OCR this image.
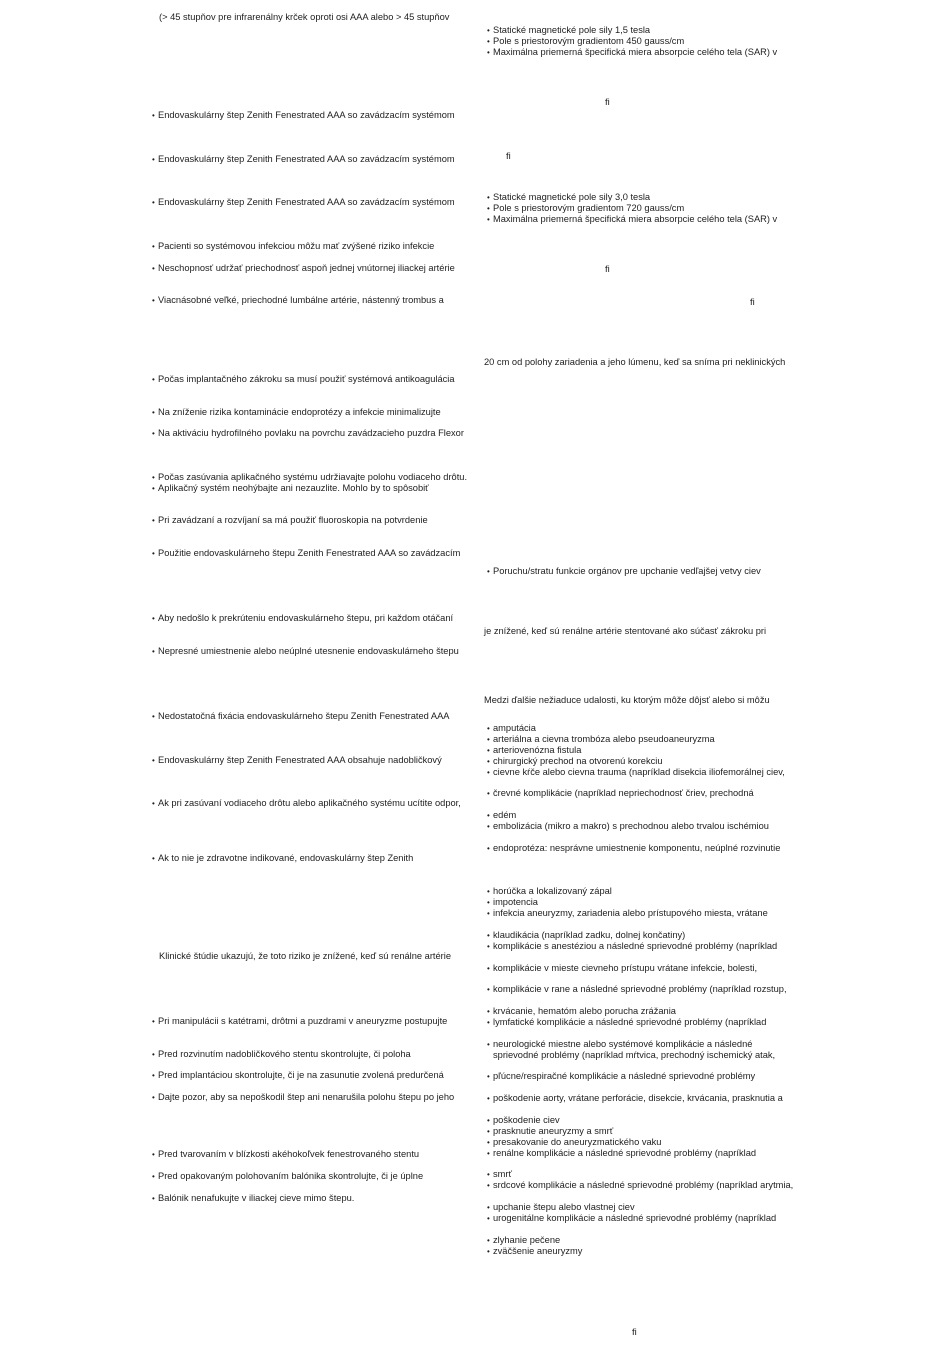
(> 45 stupňov pre infrarenálny krček oproti osi AAA alebo > 45 stupňov
• Endovaskulárny štep Zenith Fenestrated AAA so zavádzacím systémom
• Endovaskulárny štep Zenith Fenestrated AAA so zavádzacím systémom
• Endovaskulárny štep Zenith Fenestrated AAA so zavádzacím systémom
• Pacienti so systémovou infekciou môžu mať zvýšené riziko infekcie
• Neschopnosť udržať priechodnosť aspoň jednej vnútornej iliackej artérie
• Viacnásobné veľké, priechodné lumbálne artérie, nástenný trombus a
• Počas implantačného zákroku sa musí použiť systémová antikoagulácia
• Na zníženie rizika kontaminácie endoprotézy a infekcie minimalizujte
• Na aktiváciu hydrofilného povlaku na povrchu zavádzacieho puzdra Flexor
• Počas zasúvania aplikačného systému udržiavajte polohu vodiaceho drôtu.
• Aplikačný systém neohýbajte ani nezauzlite. Mohlo by to spôsobiť
• Pri zavádzaní a rozvíjaní sa má použiť fluoroskopia na potvrdenie
• Použitie endovaskulárneho štepu Zenith Fenestrated AAA so zavádzacím
• Aby nedošlo k prekrúteniu endovaskulárneho štepu, pri každom otáčaní
• Nepresné umiestnenie alebo neúplné utesnenie endovaskulárneho štepu
• Nedostatočná fixácia endovaskulárneho štepu Zenith Fenestrated AAA
• Endovaskulárny štep Zenith Fenestrated AAA obsahuje nadobličkový
• Ak pri zasúvaní vodiaceho drôtu alebo aplikačného systému ucítite odpor,
• Ak to nie je zdravotne indikované, endovaskulárny štep Zenith
Klinické štúdie ukazujú, že toto riziko je znížené, keď sú renálne artérie
• Pri manipulácii s katétrami, drôtmi a puzdrami v aneuryzme postupujte
• Pred rozvinutím nadobličkového stentu skontrolujte, či poloha
• Pred implantáciou skontrolujte, či je na zasunutie zvolená predurčená
• Dajte pozor, aby sa nepoškodil štep ani nenarušila polohu štepu po jeho
• Pred tvarovaním v blízkosti akéhokoľvek fenestrovaného stentu
• Pred opakovaným polohovaním balónika skontrolujte, či je úplne
• Balónik nenafukujte v iliackej cieve mimo štepu.
• Statické magnetické pole sily 1,5 tesla
• Pole s priestorovým gradientom 450 gauss/cm
• Maximálna priemerná špecifická miera absorpcie celého tela (SAR) v
• Statické magnetické pole sily 3,0 tesla
• Pole s priestorovým gradientom 720 gauss/cm
• Maximálna priemerná špecifická miera absorpcie celého tela (SAR) v
20 cm od polohy zariadenia a jeho lúmenu, keď sa sníma pri neklinických
• Poruchu/stratu funkcie orgánov pre upchanie vedľajšej vetvy ciev
je znížené, keď sú renálne artérie stentované ako súčasť zákroku pri
Medzi ďalšie nežiaduce udalosti, ku ktorým môže dôjsť alebo si môžu
• amputácia
• arteriálna a cievna trombóza alebo pseudoaneuryzma
• arteriovenózna fistula
• chirurgický prechod na otvorenú korekciu
• cievne kŕče alebo cievna trauma (napríklad disekcia iliofemorálnej ciev,
• črevné komplikácie (napríklad nepriechodnosť čriev, prechodná
• edém
• embolizácia (mikro a makro) s prechodnou alebo trvalou ischémiou
• endoprotéza: nesprávne umiestnenie komponentu, neúplné rozvinutie
• horúčka a lokalizovaný zápal
• impotencia
• infekcia aneuryzmy, zariadenia alebo prístupového miesta, vrátane
• klaudikácia (napríklad zadku, dolnej končatiny)
• komplikácie s anestéziou a následné sprievodné problémy (napríklad
• komplikácie v mieste cievneho prístupu vrátane infekcie, bolesti,
• komplikácie v rane a následné sprievodné problémy (napríklad rozstup,
• krvácanie, hematóm alebo porucha zrážania
• lymfatické komplikácie a následné sprievodné problémy (napríklad
• neurologické miestne alebo systémové komplikácie a následné
sprievodné problémy (napríklad mŕtvica, prechodný ischemický atak,
• pľúcne/respiračné komplikácie a následné sprievodné problémy
• poškodenie aorty, vrátane perforácie, disekcie, krvácania, prasknutia a
• poškodenie ciev
• prasknutie aneuryzmy a smrť
• presakovanie do aneuryzmatického vaku
• renálne komplikácie a následné sprievodné problémy (napríklad
• smrť
• srdcové komplikácie a následné sprievodné problémy (napríklad arytmia,
• upchanie štepu alebo vlastnej ciev
• urogenitálne komplikácie a následné sprievodné problémy (napríklad
• zlyhanie pečene
• zväčšenie aneuryzmy
fi
fi
fi
fi
fi
